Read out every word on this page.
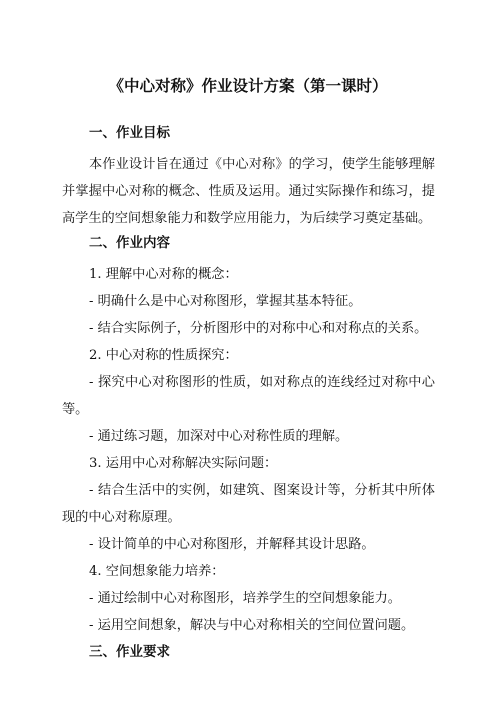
《中心对称》作业设计方案（第一课时）
一、作业目标
本作业设计旨在通过《中心对称》的学习，使学生能够理解并掌握中心对称的概念、性质及运用。通过实际操作和练习，提高学生的空间想象能力和数学应用能力，为后续学习奠定基础。
二、作业内容
1. 理解中心对称的概念：
- 明确什么是中心对称图形，掌握其基本特征。
- 结合实际例子，分析图形中的对称中心和对称点的关系。
2. 中心对称的性质探究：
- 探究中心对称图形的性质，如对称点的连线经过对称中心等。
- 通过练习题，加深对中心对称性质的理解。
3. 运用中心对称解决实际问题：
- 结合生活中的实例，如建筑、图案设计等，分析其中所体现的中心对称原理。
- 设计简单的中心对称图形，并解释其设计思路。
4. 空间想象能力培养：
- 通过绘制中心对称图形，培养学生的空间想象能力。
- 运用空间想象，解决与中心对称相关的空间位置问题。
三、作业要求
